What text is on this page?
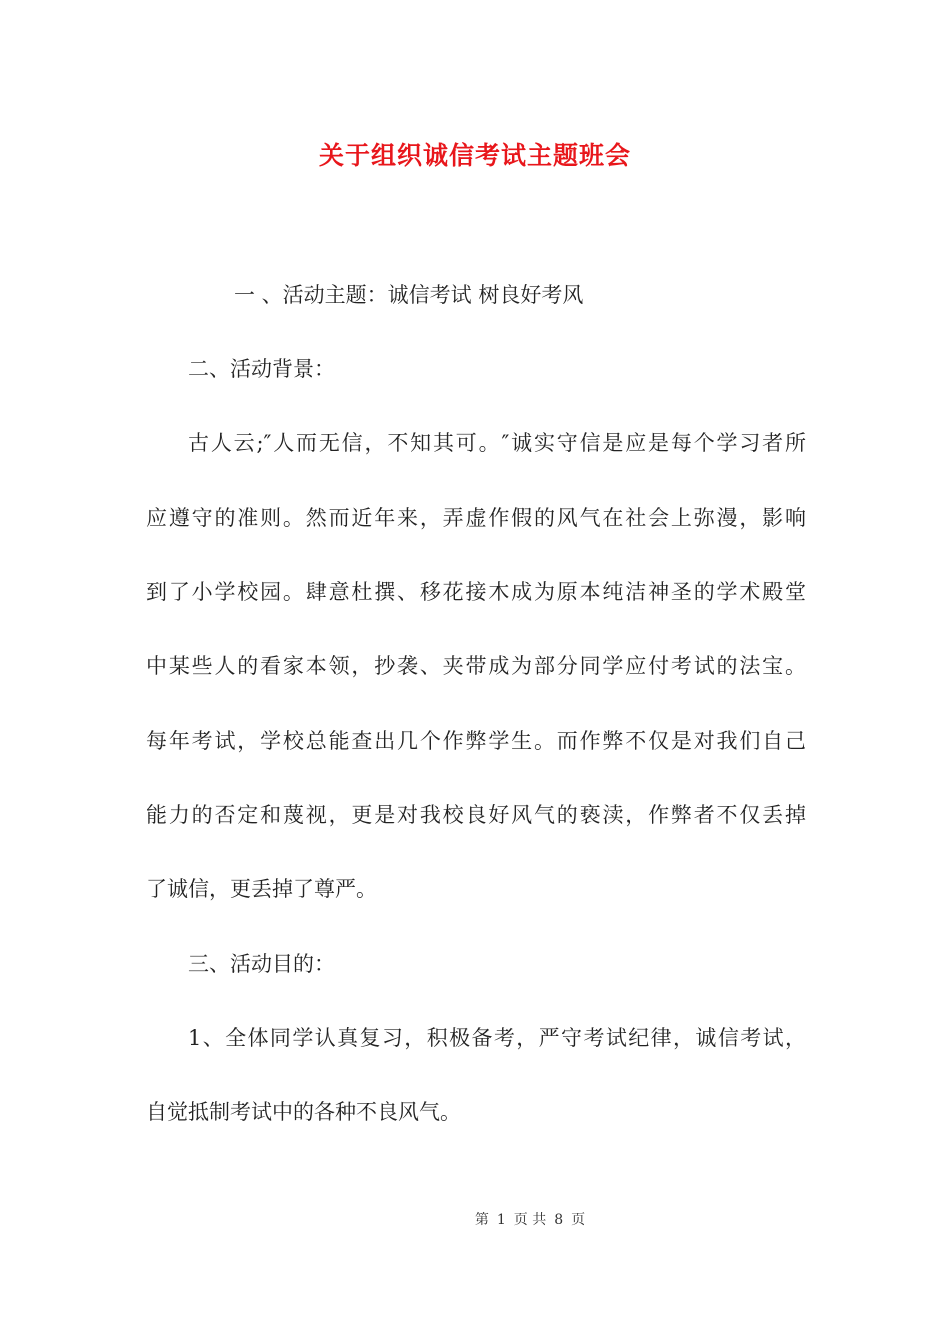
关于组织诚信考试主题班会
一 、活动主题：诚信考试 树良好考风
二、活动背景：
古人云;″人而无信，不知其可。″诚实守信是应是每个学习者所
应遵守的准则。然而近年来，弄虚作假的风气在社会上弥漫，影响
到了小学校园。肆意杜撰、移花接木成为原本纯洁神圣的学术殿堂
中某些人的看家本领，抄袭、夹带成为部分同学应付考试的法宝。
每年考试，学校总能查出几个作弊学生。而作弊不仅是对我们自己
能力的否定和蔑视，更是对我校良好风气的亵渎，作弊者不仅丢掉
了诚信，更丢掉了尊严。
三、活动目的：
1、全体同学认真复习，积极备考，严守考试纪律，诚信考试，
自觉抵制考试中的各种不良风气。
第 1 页 共 8 页
